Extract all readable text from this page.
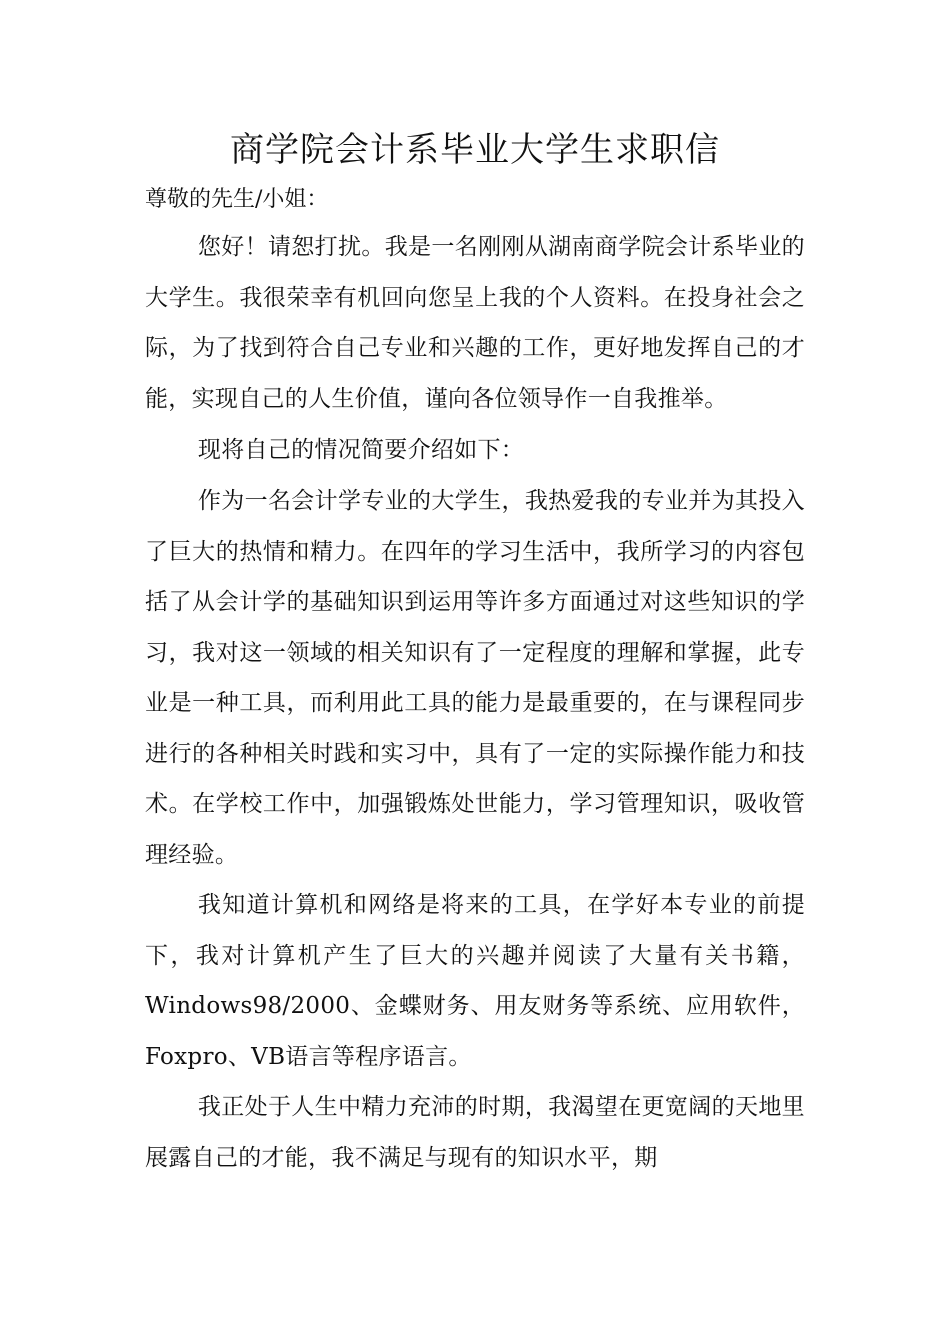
商学院会计系毕业大学生求职信

尊敬的先生/小姐：

您好！请恕打扰。我是一名刚刚从湖南商学院会计系毕业的大学生。我很荣幸有机回向您呈上我的个人资料。在投身社会之际，为了找到符合自己专业和兴趣的工作，更好地发挥自己的才能，实现自己的人生价值，谨向各位领导作一自我推举。

现将自己的情况简要介绍如下：

作为一名会计学专业的大学生，我热爱我的专业并为其投入了巨大的热情和精力。在四年的学习生活中，我所学习的内容包括了从会计学的基础知识到运用等许多方面通过对这些知识的学习，我对这一领域的相关知识有了一定程度的理解和掌握，此专业是一种工具，而利用此工具的能力是最重要的，在与课程同步进行的各种相关时践和实习中，具有了一定的实际操作能力和技术。在学校工作中，加强锻炼处世能力，学习管理知识，吸收管理经验。

我知道计算机和网络是将来的工具，在学好本专业的前提下，我对计算机产生了巨大的兴趣并阅读了大量有关书籍，Windows98/2000、金蝶财务、用友财务等系统、应用软件，Foxpro、VB语言等程序语言。

我正处于人生中精力充沛的时期，我渴望在更宽阔的天地里展露自己的才能，我不满足与现有的知识水平，期
